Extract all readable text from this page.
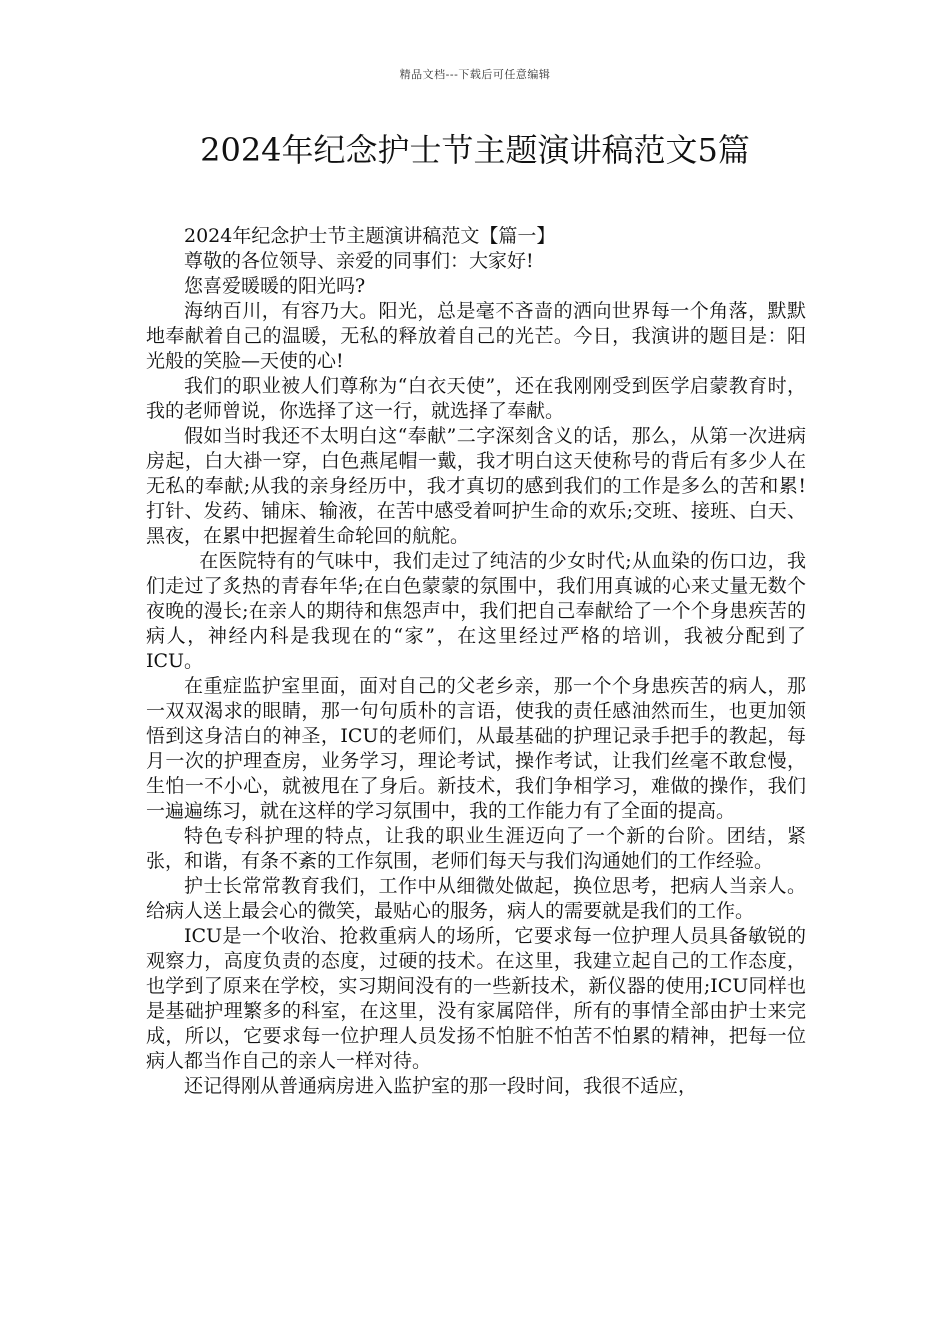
精品文档---下载后可任意编辑
2024年纪念护士节主题演讲稿范文5篇

2024年纪念护士节主题演讲稿范文【篇一】

尊敬的各位领导、亲爱的同事们：大家好!

您喜爱暖暖的阳光吗?

海纳百川，有容乃大。阳光，总是毫不吝啬的洒向世界每一个角落，默默地奉献着自己的温暖，无私的释放着自己的光芒。今日，我演讲的题目是：阳光般的笑脸—天使的心!

我们的职业被人们尊称为“白衣天使”，还在我刚刚受到医学启蒙教育时，我的老师曾说，你选择了这一行，就选择了奉献。

假如当时我还不太明白这“奉献”二字深刻含义的话，那么，从第一次进病房起，白大褂一穿，白色燕尾帽一戴，我才明白这天使称号的背后有多少人在无私的奉献;从我的亲身经历中，我才真切的感到我们的工作是多么的苦和累!打针、发药、铺床、输液，在苦中感受着呵护生命的欢乐;交班、接班、白天、黑夜，在累中把握着生命轮回的航舵。

在医院特有的气味中，我们走过了纯洁的少女时代;从血染的伤口边，我们走过了炙热的青春年华;在白色蒙蒙的氛围中，我们用真诚的心来丈量无数个夜晚的漫长;在亲人的期待和焦怨声中，我们把自己奉献给了一个个身患疾苦的病人，神经内科是我现在的“家”，在这里经过严格的培训，我被分配到了ICU。

在重症监护室里面，面对自己的父老乡亲，那一个个身患疾苦的病人，那一双双渴求的眼睛，那一句句质朴的言语，使我的责任感油然而生，也更加领悟到这身洁白的神圣，ICU的老师们，从最基础的护理记录手把手的教起，每月一次的护理查房，业务学习，理论考试，操作考试，让我们丝毫不敢怠慢，生怕一不小心，就被甩在了身后。新技术，我们争相学习，难做的操作，我们一遍遍练习，就在这样的学习氛围中，我的工作能力有了全面的提高。

特色专科护理的特点，让我的职业生涯迈向了一个新的台阶。团结，紧张，和谐，有条不紊的工作氛围，老师们每天与我们沟通她们的工作经验。

护士长常常教育我们，工作中从细微处做起，换位思考，把病人当亲人。给病人送上最会心的微笑，最贴心的服务，病人的需要就是我们的工作。

ICU是一个收治、抢救重病人的场所，它要求每一位护理人员具备敏锐的观察力，高度负责的态度，过硬的技术。在这里，我建立起自己的工作态度，也学到了原来在学校，实习期间没有的一些新技术，新仪器的使用;ICU同样也是基础护理繁多的科室，在这里，没有家属陪伴，所有的事情全部由护士来完成，所以，它要求每一位护理人员发扬不怕脏不怕苦不怕累的精神，把每一位病人都当作自己的亲人一样对待。

还记得刚从普通病房进入监护室的那一段时间，我很不适应，
